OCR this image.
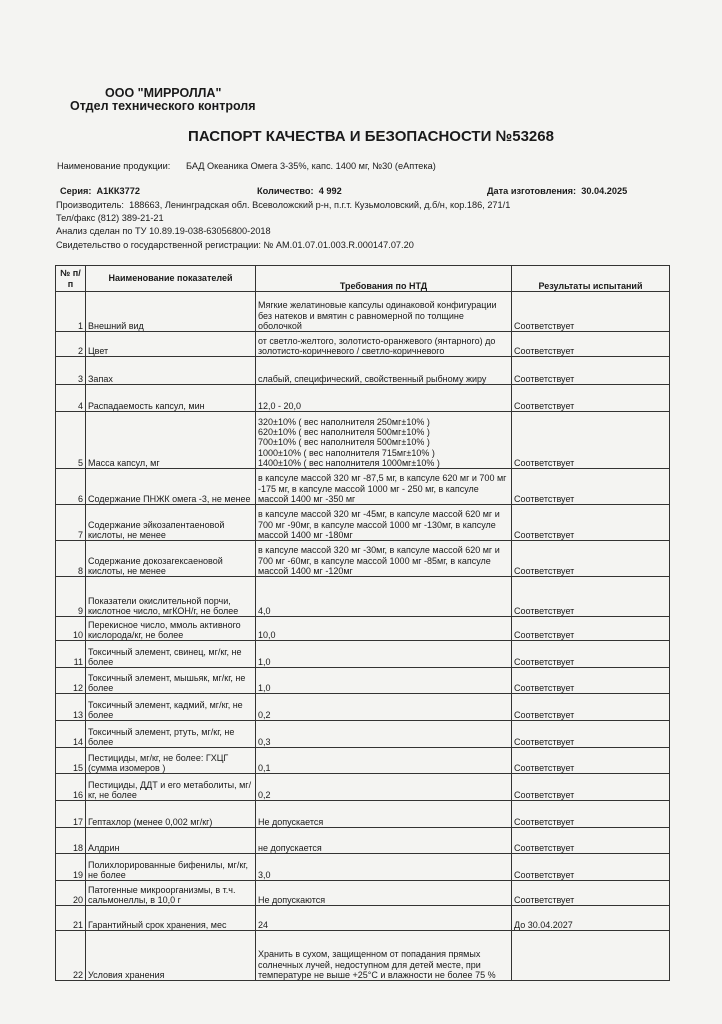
ООО "МИРРОЛЛА"
Отдел технического контроля
ПАСПОРТ КАЧЕСТВА И БЕЗОПАСНОСТИ №53268
Наименование продукции: БАД Океаника Омега 3-35%, капс. 1400 мг, №30 (еАптека)
Серия: А1КК3772	Количество: 4 992	Дата изготовления: 30.04.2025
Производитель: 188663, Ленинградская обл. Всеволожский р-н, п.г.т. Кузьмоловский, д.б/н, кор.186, 271/1
Тел/факс (812) 389-21-21
Анализ сделан по ТУ 10.89.19-038-63056800-2018
Свидетельство о государственной регистрации: № AM.01.07.01.003.R.000147.07.20
№ п/п	Наименование показателей	Требования по НТД	Результаты испытаний
1	Внешний вид	Мягкие желатиновые капсулы одинаковой конфигурации без натеков и вмятин с равномерной по толщине оболочкой	Соответствует
2	Цвет	от светло-желтого, золотисто-оранжевого (янтарного) до золотисто-коричневого / светло-коричневого	Соответствует
3	Запах	слабый, специфический, свойственный рыбному жиру	Соответствует
4	Распадаемость капсул, мин	12,0 - 20,0	Соответствует
5	Масса капсул, мг	320±10% ( вес наполнителя 250мг±10% )
620±10% ( вес наполнителя 500мг±10% )
700±10% ( вес наполнителя 500мг±10% )
1000±10% ( вес наполнителя 715мг±10% )
1400±10% ( вес наполнителя 1000мг±10% )	Соответствует
6	Содержание ПНЖК омега -3, не менее	в капсуле массой 320 мг -87,5 мг, в капсуле 620 мг и 700 мг -175 мг, в капсуле массой 1000 мг - 250 мг, в капсуле массой 1400 мг -350 мг	Соответствует
7	Содержание эйкозапентаеновой кислоты, не менее	в капсуле массой 320 мг -45мг, в капсуле массой 620 мг и 700 мг -90мг, в капсуле массой 1000 мг -130мг, в капсуле массой 1400 мг -180мг	Соответствует
8	Содержание докозагексаеновой кислоты, не менее	в капсуле массой 320 мг -30мг, в капсуле массой 620 мг и 700 мг -60мг, в капсуле массой 1000 мг -85мг, в капсуле массой 1400 мг -120мг	Соответствует
9	Показатели окислительной порчи, кислотное число, мгКОН/г, не более	4,0	Соответствует
10	Перекисное число, ммоль активного кислорода/кг, не более	10,0	Соответствует
11	Токсичный элемент, свинец, мг/кг, не более	1,0	Соответствует
12	Токсичный элемент, мышьяк, мг/кг, не более	1,0	Соответствует
13	Токсичный элемент, кадмий, мг/кг, не более	0,2	Соответствует
14	Токсичный элемент, ртуть, мг/кг, не более	0,3	Соответствует
15	Пестициды, мг/кг, не более: ГХЦГ (сумма изомеров )	0,1	Соответствует
16	Пестициды, ДДТ и его метаболиты, мг/кг, не более	0,2	Соответствует
17	Гептахлор (менее 0,002 мг/кг)	Не допускается	Соответствует
18	Алдрин	не допускается	Соответствует
19	Полихлорированные бифенилы, мг/кг, не более	3,0	Соответствует
20	Патогенные микроорганизмы, в т.ч. сальмонеллы, в 10,0 г	Не допускаются	Соответствует
21	Гарантийный срок хранения, мес	24	До 30.04.2027
22	Условия хранения	Хранить в сухом, защищенном от попадания прямых солнечных лучей, недоступном для детей месте, при температуре не выше +25°C и влажности не более 75 %	
